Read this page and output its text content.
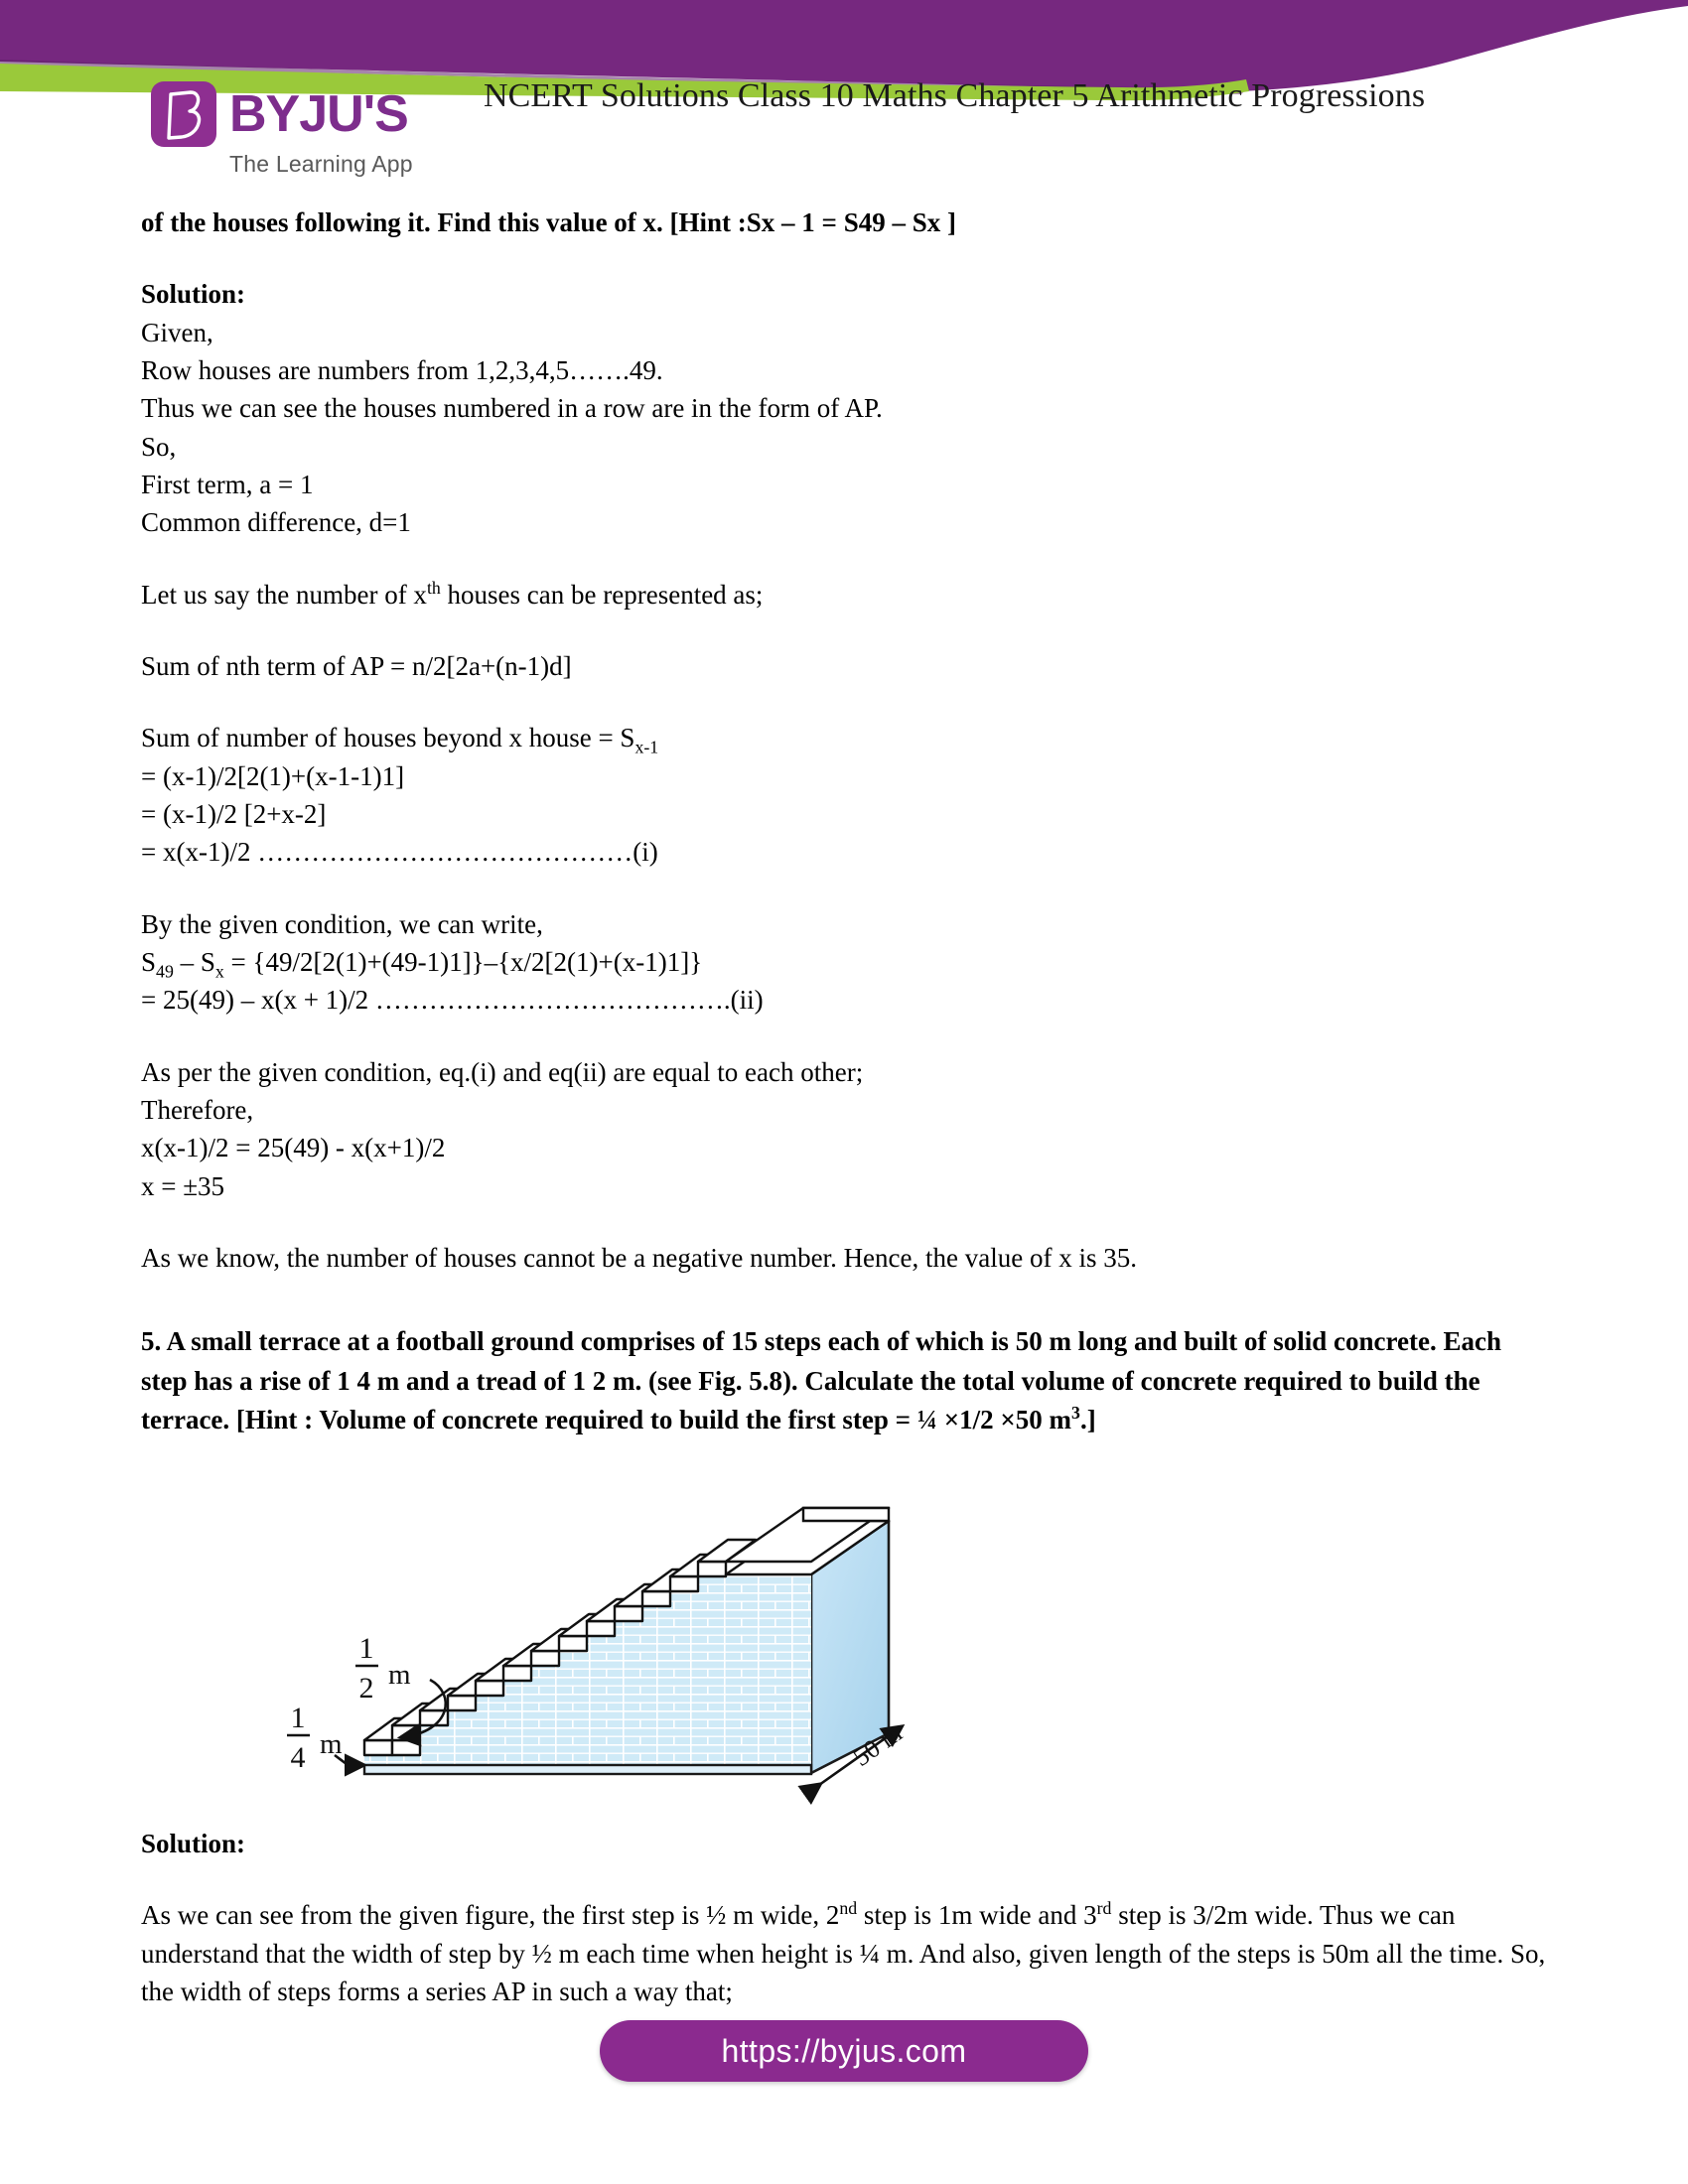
BYJU'S
The Learning App
NCERT Solutions Class 10 Maths Chapter 5 Arithmetic Progressions

of the houses following it. Find this value of x. [Hint :Sx – 1 = S49 – Sx ]

Solution:

Given,

Row houses are numbers from 1,2,3,4,5…….49.

Thus we can see the houses numbered in a row are in the form of AP.

So,

First term, a = 1

Common difference, d=1

Let us say the number of $x^{th}$ houses can be represented as;

Sum of nth term of AP = n/2[2a+(n-1)d]

Sum of number of houses beyond x house = $S_{x-1}$

= (x-1)/2[2(1)+(x-1-1)1]

= (x-1)/2 [2+x-2]

= x(x-1)/2 ……………………………………(i)

By the given condition, we can write,

$S_{49} - S_x = \{49/2[2(1)+(49-1)1]\}-\{x/2[2(1)+(x-1)1]\}$

= 25(49) – x(x + 1)/2 ………………………………….(ii)

As per the given condition, eq.(i) and eq(ii) are equal to each other;

Therefore,

x(x-1)/2 = 25(49) - x(x+1)/2

x = ±35

As we know, the number of houses cannot be a negative number. Hence, the value of x is 35.

5. A small terrace at a football ground comprises of 15 steps each of which is 50 m long and built of solid concrete. Each step has a rise of 1 4 m and a tread of 1 2 m. (see Fig. 5.8). Calculate the total volume of concrete required to build the terrace. [Hint : Volume of concrete required to build the first step = ¼ ×1/2 ×50 $m^3$.]

1
2 m
1
4 m	50 m

Solution:

As we can see from the given figure, the first step is ½ m wide, 2nd step is 1m wide and 3rd step is 3/2m wide. Thus we can understand that the width of step by ½ m each time when height is ¼ m. And also, given length of the steps is 50m all the time. So, the width of steps forms a series AP in such a way that;

https://byjus.com
